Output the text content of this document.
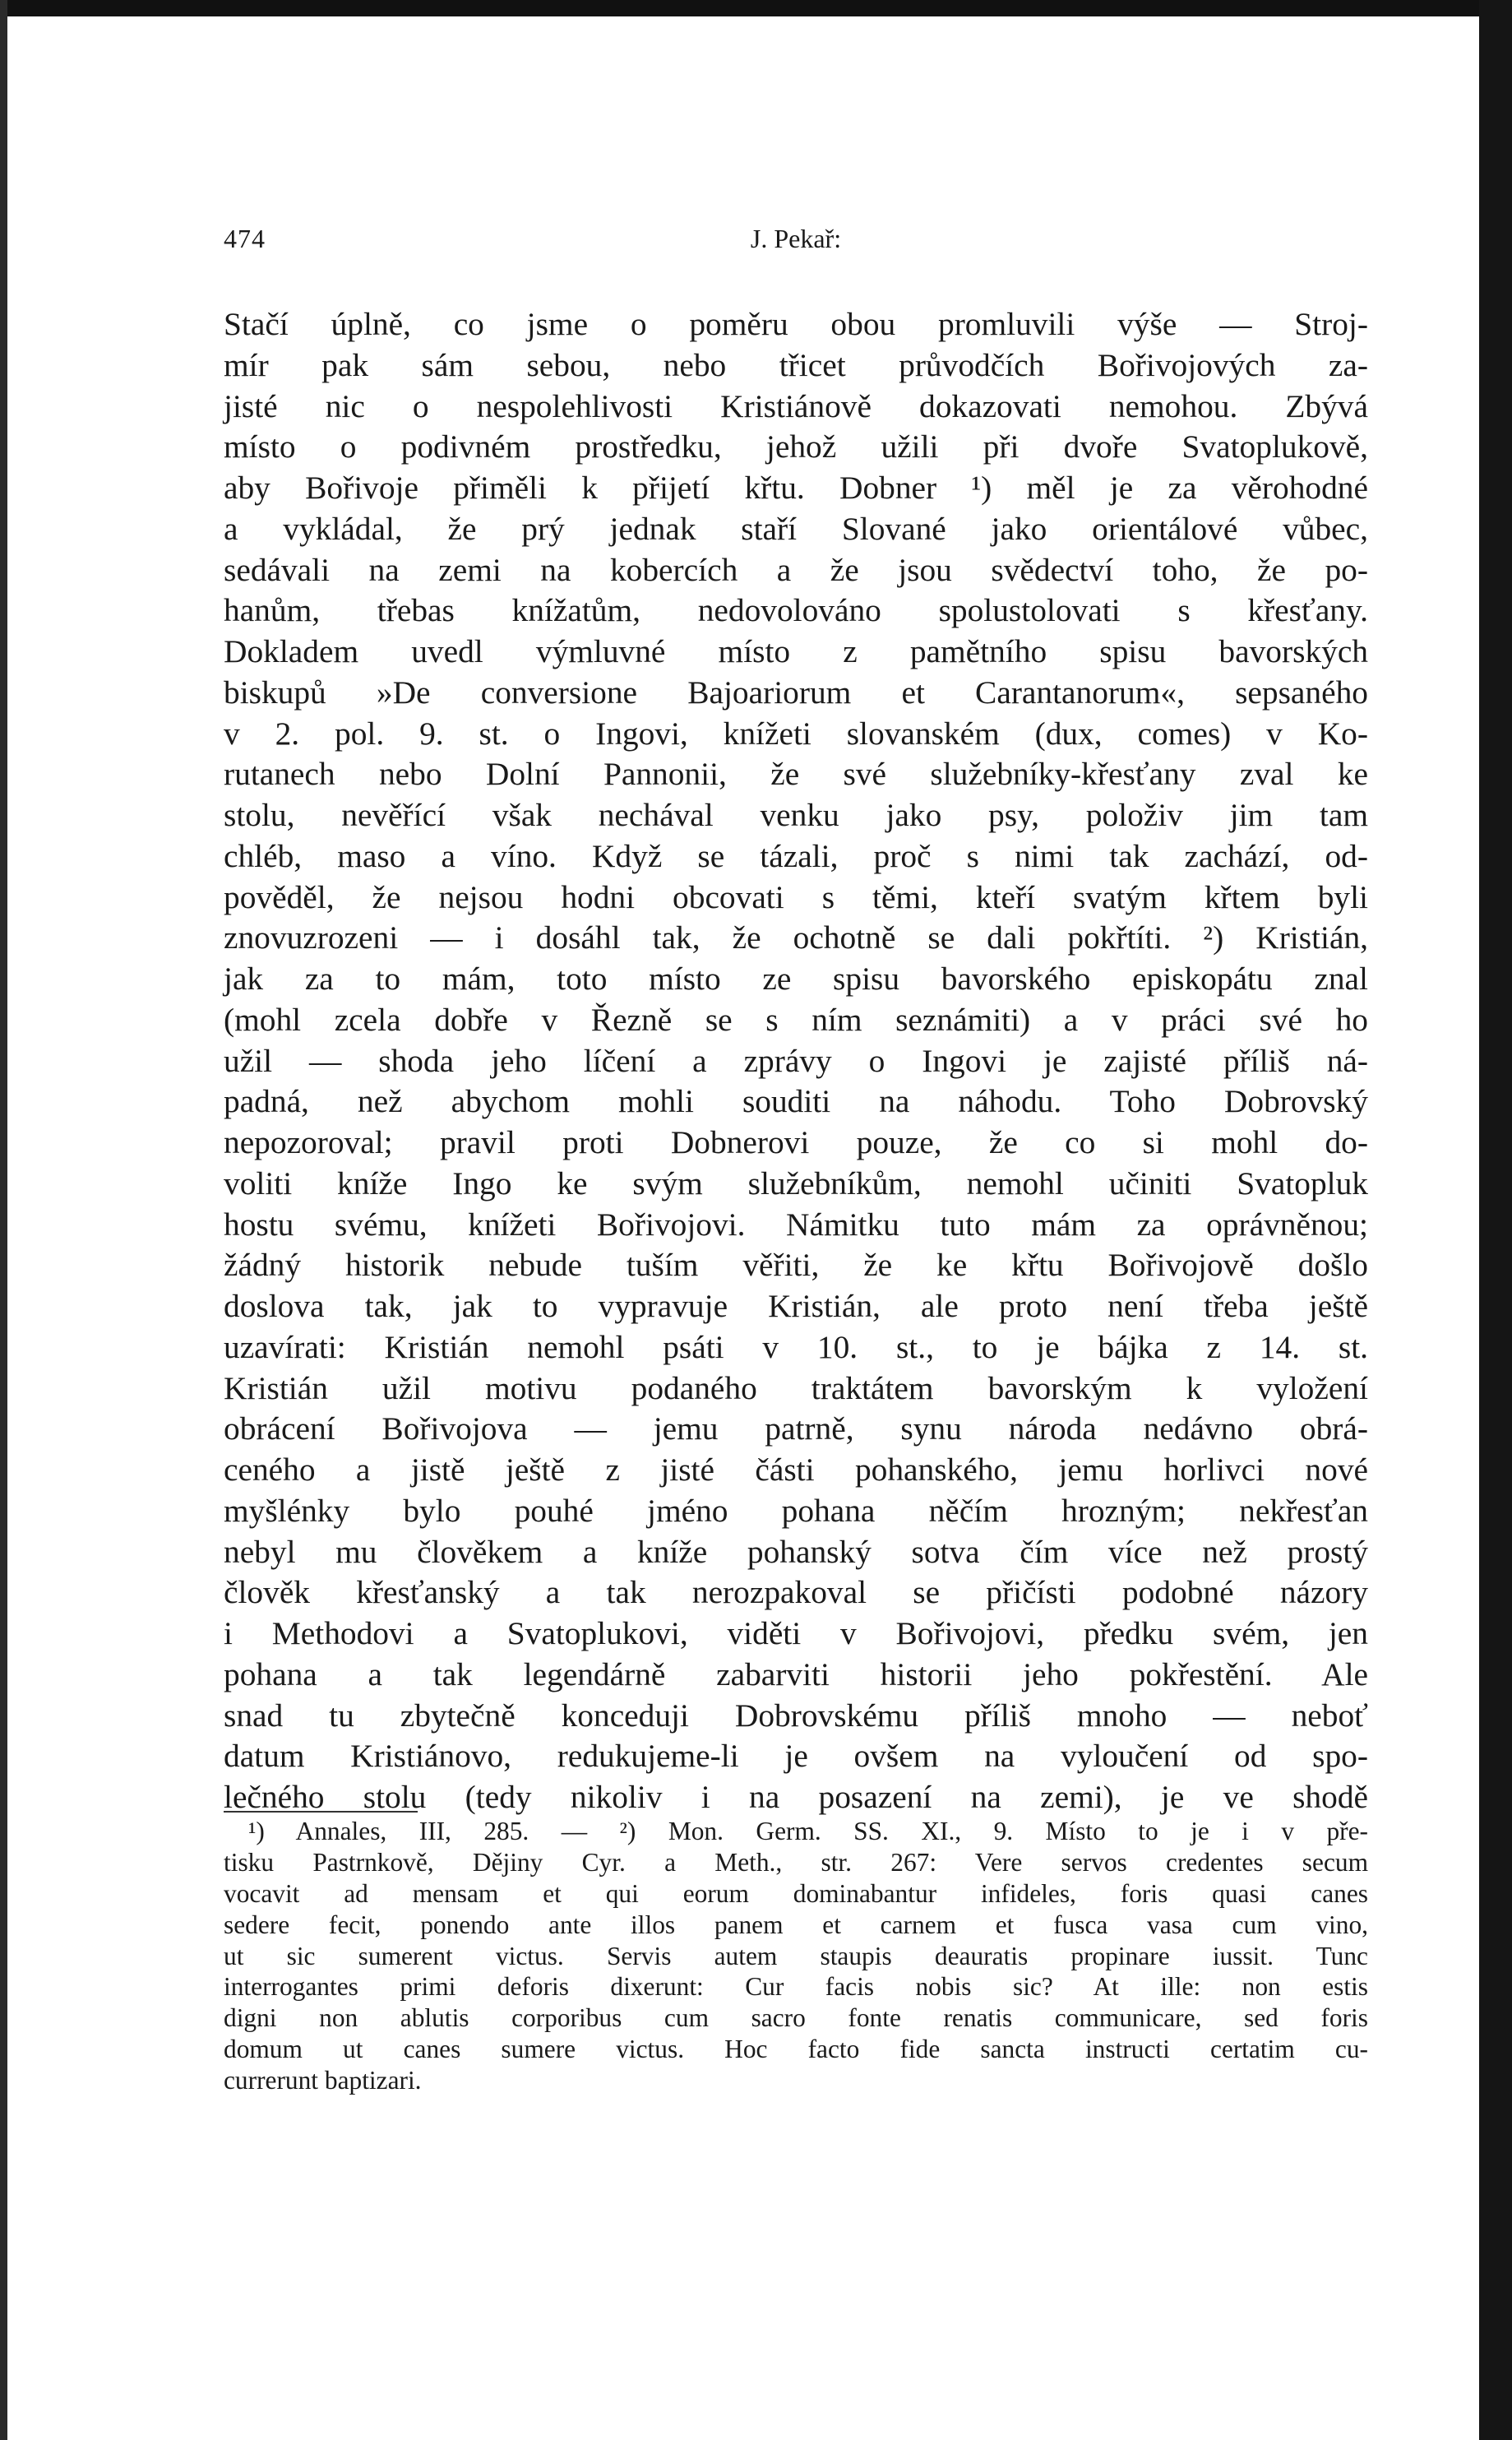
474	J. Pekař:
Stačí úplně, co jsme o poměru obou promluvili výše — Stroj-
mír pak sám sebou, nebo třicet průvodčích Bořivojových za-
jisté nic o nespolehlivosti Kristiánově dokazovati nemohou. Zbývá
místo o podivném prostředku, jehož užili při dvoře Svatoplukově,
aby Bořivoje přiměli k přijetí křtu. Dobner ¹) měl je za věrohodné
a vykládal, že prý jednak staří Slované jako orientálové vůbec,
sedávali na zemi na kobercích a že jsou svědectví toho, že po-
hanům, třebas knížatům, nedovolováno spolustolovati s křesťany.
Dokladem uvedl výmluvné místo z pamětního spisu bavorských
biskupů »De conversione Bajoariorum et Carantanorum«, sepsaného
v 2. pol. 9. st. o Ingovi, knížeti slovanském (dux, comes) v Ko-
rutanech nebo Dolní Pannonii, že své služebníky-křesťany zval ke
stolu, nevěřící však nechával venku jako psy, položiv jim tam
chléb, maso a víno. Když se tázali, proč s nimi tak zachází, od-
pověděl, že nejsou hodni obcovati s těmi, kteří svatým křtem byli
znovuzrozeni — i dosáhl tak, že ochotně se dali pokřtíti. ²) Kristián,
jak za to mám, toto místo ze spisu bavorského episkopátu znal
(mohl zcela dobře v Řezně se s ním seznámiti) a v práci své ho
užil — shoda jeho líčení a zprávy o Ingovi je zajisté příliš ná-
padná, než abychom mohli souditi na náhodu. Toho Dobrovský
nepozoroval; pravil proti Dobnerovi pouze, že co si mohl do-
voliti kníže Ingo ke svým služebníkům, nemohl učiniti Svatopluk
hostu svému, knížeti Bořivojovi. Námitku tuto mám za oprávněnou;
žádný historik nebude tuším věřiti, že ke křtu Bořivojově došlo
doslova tak, jak to vypravuje Kristián, ale proto není třeba ještě
uzavírati: Kristián nemohl psáti v 10. st., to je bájka z 14. st.
Kristián užil motivu podaného traktátem bavorským k vyložení
obrácení Bořivojova — jemu patrně, synu národa nedávno obrá-
ceného a jistě ještě z jisté části pohanského, jemu horlivci nové
myšlénky bylo pouhé jméno pohana něčím hrozným; nekřesťan
nebyl mu člověkem a kníže pohanský sotva čím více než prostý
člověk křesťanský a tak nerozpakoval se přičísti podobné názory
i Methodovi a Svatoplukovi, viděti v Bořivojovi, předku svém, jen
pohana a tak legendárně zabarviti historii jeho pokřestění. Ale
snad tu zbytečně konceduji Dobrovskému příliš mnoho — neboť
datum Kristiánovo, redukujeme-li je ovšem na vyloučení od spo-
lečného stolu (tedy nikoliv i na posazení na zemi), je ve shodě
¹) Annales, III, 285. — ²) Mon. Germ. SS. XI., 9. Místo to je i v pře-
tisku Pastrnkově, Dějiny Cyr. a Meth., str. 267: Vere servos credentes secum
vocavit ad mensam et qui eorum dominabantur infideles, foris quasi canes
sedere fecit, ponendo ante illos panem et carnem et fusca vasa cum vino,
ut sic sumerent victus. Servis autem staupis deauratis propinare iussit. Tunc
interrogantes primi deforis dixerunt: Cur facis nobis sic? At ille: non estis
digni non ablutis corporibus cum sacro fonte renatis communicare, sed foris
domum ut canes sumere victus. Hoc facto fide sancta instructi certatim cu-
currerunt baptizari.
